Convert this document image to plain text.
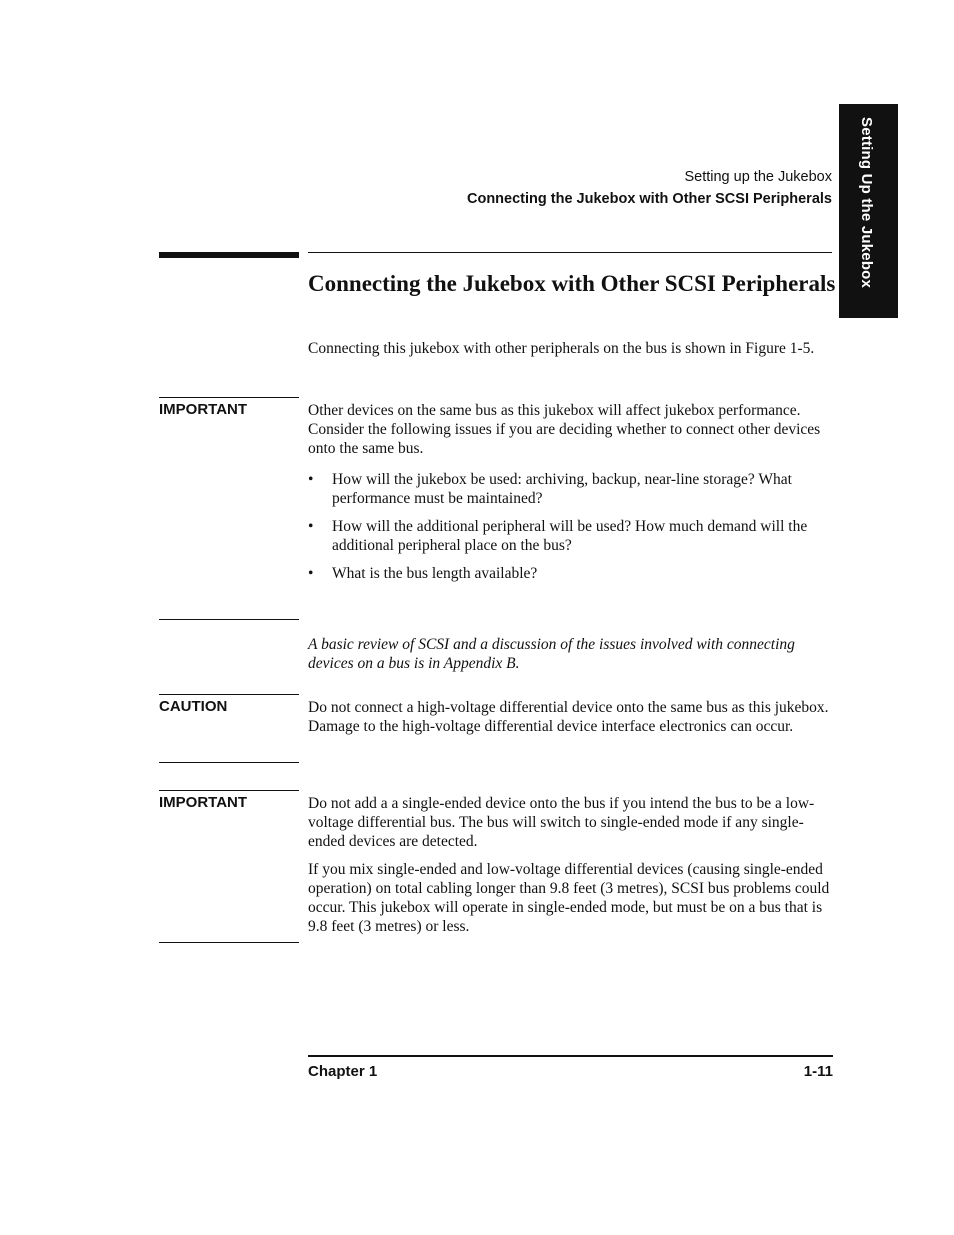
Setting Up the Jukebox
Setting up the Jukebox
Connecting the Jukebox with Other SCSI Peripherals
Connecting the Jukebox with Other SCSI Peripherals

Connecting this jukebox with other peripherals on the bus is shown in Figure 1-5.

IMPORTANT	Other devices on the same bus as this jukebox will affect jukebox performance. Consider the following issues if you are deciding whether to connect other devices onto the same bus.

• How will the jukebox be used: archiving, backup, near-line storage? What performance must be maintained?
• How will the additional peripheral will be used? How much demand will the additional peripheral place on the bus?
• What is the bus length available?

A basic review of SCSI and a discussion of the issues involved with connecting devices on a bus is in Appendix B.

CAUTION	Do not connect a high-voltage differential device onto the same bus as this jukebox. Damage to the high-voltage differential device interface electronics can occur.

IMPORTANT	Do not add a a single-ended device onto the bus if you intend the bus to be a low-voltage differential bus. The bus will switch to single-ended mode if any single-ended devices are detected.

If you mix single-ended and low-voltage differential devices (causing single-ended operation) on total cabling longer than 9.8 feet (3 metres), SCSI bus problems could occur. This jukebox will operate in single-ended mode, but must be on a bus that is 9.8 feet (3 metres) or less.

Chapter 1	1-11
